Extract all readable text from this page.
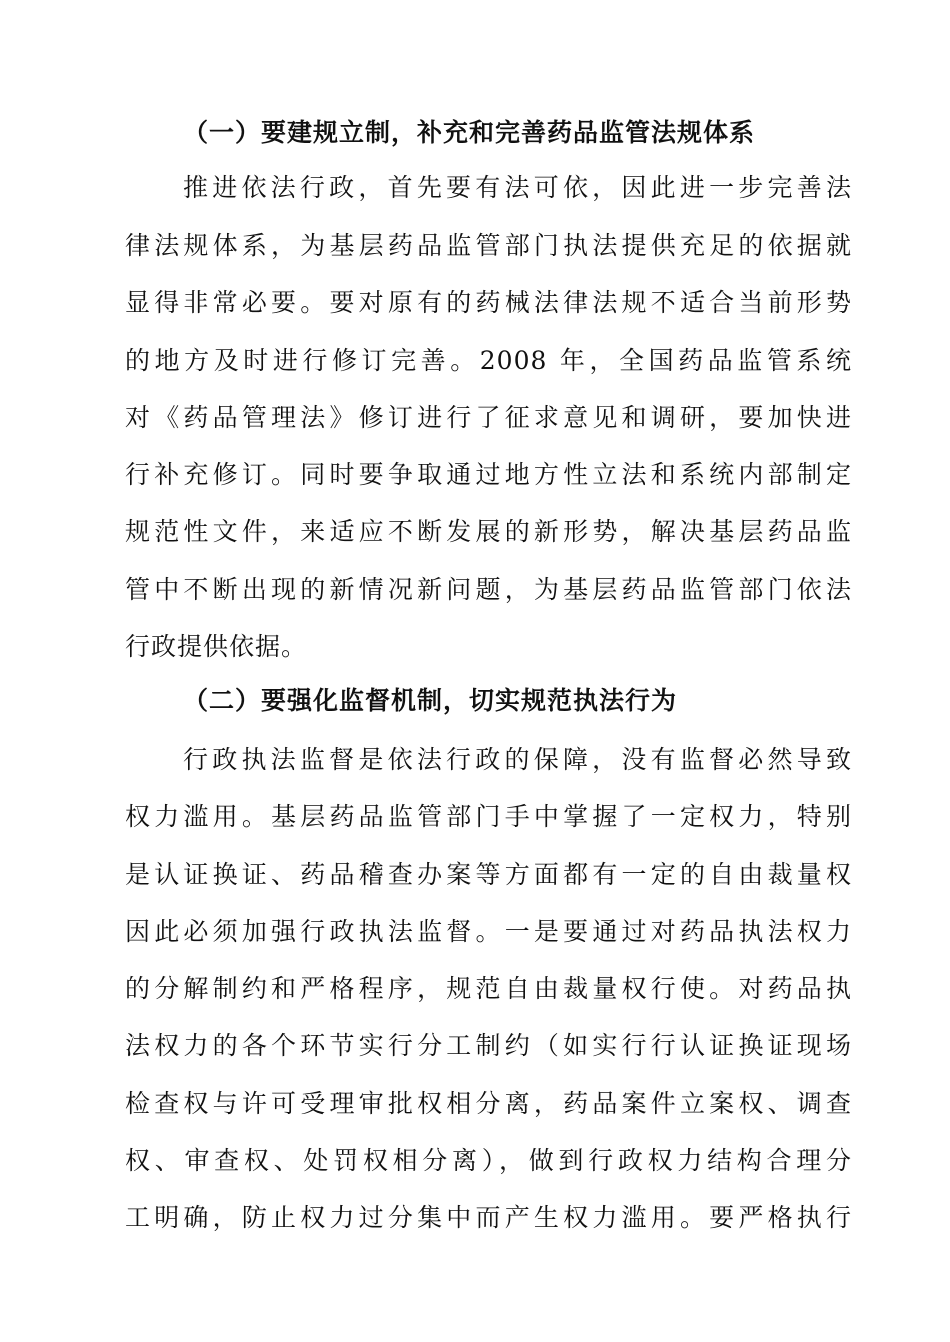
（一）要建规立制，补充和完善药品监管法规体系
推进依法行政，首先要有法可依，因此进一步完善法
律法规体系，为基层药品监管部门执法提供充足的依据就
显得非常必要。要对原有的药械法律法规不适合当前形势
的地方及时进行修订完善。2008 年，全国药品监管系统
对《药品管理法》修订进行了征求意见和调研，要加快进
行补充修订。同时要争取通过地方性立法和系统内部制定
规范性文件，来适应不断发展的新形势，解决基层药品监
管中不断出现的新情况新问题，为基层药品监管部门依法
行政提供依据。
（二）要强化监督机制，切实规范执法行为
行政执法监督是依法行政的保障，没有监督必然导致
权力滥用。基层药品监管部门手中掌握了一定权力，特别
是认证换证、药品稽查办案等方面都有一定的自由裁量权
因此必须加强行政执法监督。一是要通过对药品执法权力
的分解制约和严格程序，规范自由裁量权行使。对药品执
法权力的各个环节实行分工制约（如实行行认证换证现场
检查权与许可受理审批权相分离，药品案件立案权、调查
权、审查权、处罚权相分离），做到行政权力结构合理分
工明确，防止权力过分集中而产生权力滥用。要严格执行
